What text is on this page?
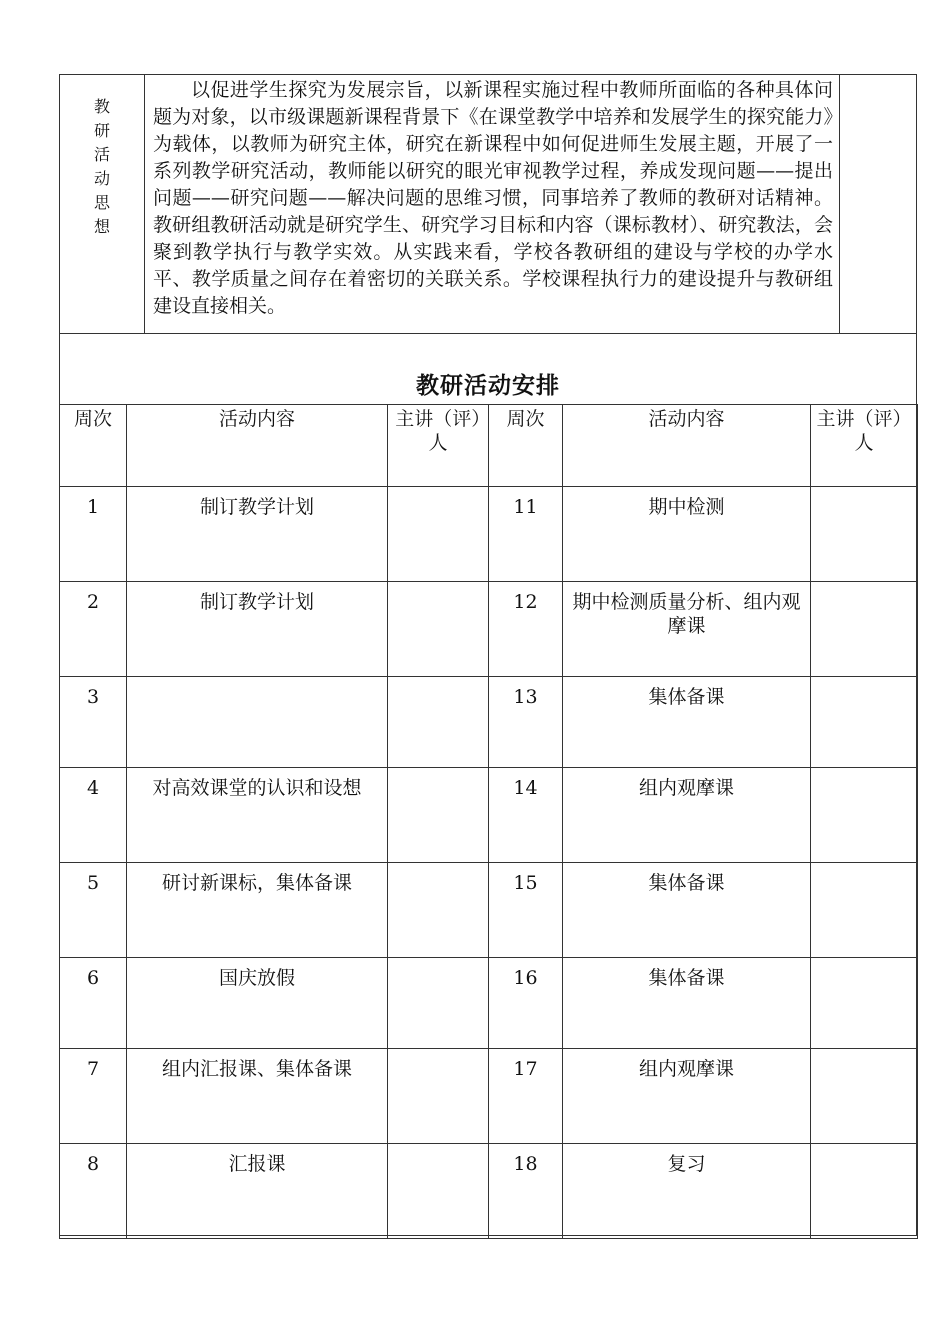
教
研
活
动
思
想
以促进学生探究为发展宗旨，以新课程实施过程中教师所面临的各种具体问题为对象，以市级课题新课程背景下《在课堂教学中培养和发展学生的探究能力》为载体，以教师为研究主体，研究在新课程中如何促进师生发展主题，开展了一系列教学研究活动，教师能以研究的眼光审视教学过程，养成发现问题——提出问题——研究问题——解决问题的思维习惯，同事培养了教师的教研对话精神。教研组教研活动就是研究学生、研究学习目标和内容（课标教材）、研究教法，会聚到教学执行与教学实效。从实践来看，学校各教研组的建设与学校的办学水平、教学质量之间存在着密切的关联关系。学校课程执行力的建设提升与教研组建设直接相关。
教研活动安排
周次	活动内容	主讲（评）人	周次	活动内容	主讲（评）人
1	制订教学计划		11	期中检测	
2	制订教学计划		12	期中检测质量分析、组内观摩课	
3			13	集体备课	
4	对高效课堂的认识和设想		14	组内观摩课	
5	研讨新课标，集体备课		15	集体备课	
6	国庆放假		16	集体备课	
7	组内汇报课、集体备课		17	组内观摩课	
8	汇报课		18	复习	
